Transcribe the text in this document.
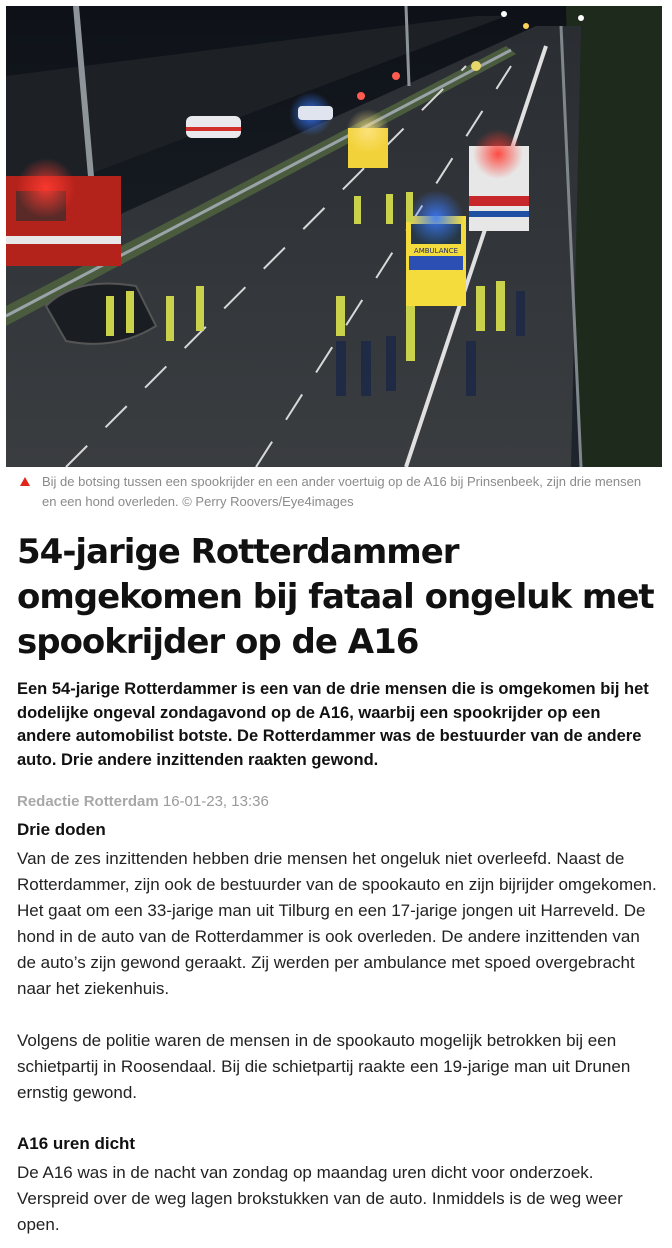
AMBULANCE
Bij de botsing tussen een spookrijder en een ander voertuig op de A16 bij Prinsenbeek, zijn drie mensen en een hond overleden. © Perry Roovers/Eye4images
54-jarige Rotterdammer omgekomen bij fataal ongeluk met spookrijder op de A16

Een 54-jarige Rotterdammer is een van de drie mensen die is omgekomen bij het dodelijke ongeval zondagavond op de A16, waarbij een spookrijder op een andere automobilist botste. De Rotterdammer was de bestuurder van de andere auto. Drie andere inzittenden raakten gewond.

Redactie Rotterdam 16-01-23, 13:36
Drie doden

Van de zes inzittenden hebben drie mensen het ongeluk niet overleefd. Naast de Rotterdammer, zijn ook de bestuurder van de spookauto en zijn bijrijder omgekomen. Het gaat om een 33-jarige man uit Tilburg en een 17-jarige jongen uit Harreveld. De hond in de auto van de Rotterdammer is ook overleden. De andere inzittenden van de auto’s zijn gewond geraakt. Zij werden per ambulance met spoed overgebracht naar het ziekenhuis.

Volgens de politie waren de mensen in de spookauto mogelijk betrokken bij een schietpartij in Roosendaal. Bij die schietpartij raakte een 19-jarige man uit Drunen ernstig gewond.

A16 uren dicht

De A16 was in de nacht van zondag op maandag uren dicht voor onderzoek. Verspreid over de weg lagen brokstukken van de auto. Inmiddels is de weg weer open.
